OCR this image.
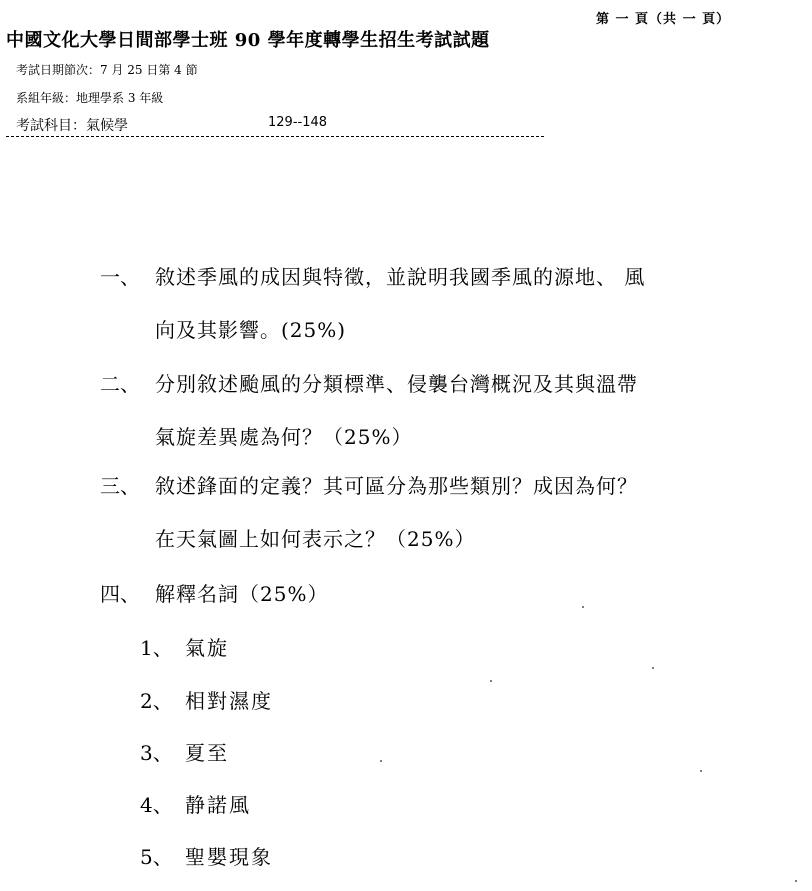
第 一 頁（共 一 頁）
中國文化大學日間部學士班 90 學年度轉學生招生考試試題
考試日期節次：7 月 25 日第 4 節
系組年級：地理學系 3 年級
考試科目：氣候學	129--148
一、 敘述季風的成因與特徵，並說明我國季風的源地、 風
向及其影響。(25%)
二、 分別敘述颱風的分類標準、侵襲台灣概況及其與溫帶
氣旋差異處為何？（25%）
三、 敘述鋒面的定義？其可區分為那些類別？成因為何？
在天氣圖上如何表示之？（25%）
四、 解釋名詞（25%）
1、 氣旋
2、 相對濕度
3、 夏至
4、 静諾風
5、 聖嬰現象
